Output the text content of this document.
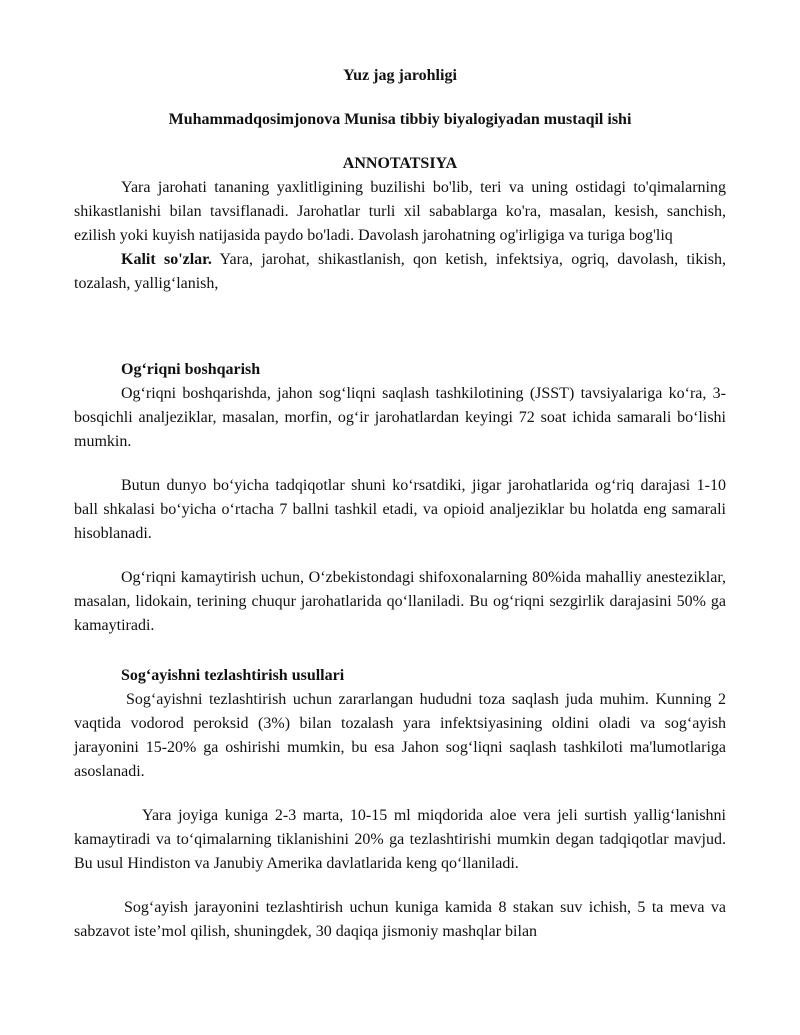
Yuz jag jarohligi
Muhammadqosimjonova Munisa tibbiy biyalogiyadan mustaqil ishi
ANNOTATSIYA

Yara jarohati tananing yaxlitligining buzilishi bo'lib, teri va uning ostidagi to'qimalarning shikastlanishi bilan tavsiflanadi. Jarohatlar turli xil sabablarga ko'ra, masalan, kesish, sanchish, ezilish yoki kuyish natijasida paydo bo'ladi. Davolash jarohatning og'irligiga va turiga bog'liq

Kalit so'zlar. Yara, jarohat, shikastlanish, qon ketish, infektsiya, ogriq, davolash, tikish, tozalash, yallig‘lanish,

Og‘riqni boshqarish

Og‘riqni boshqarishda, jahon sog‘liqni saqlash tashkilotining (JSST) tavsiyalariga ko‘ra, 3-bosqichli analjeziklar, masalan, morfin, og‘ir jarohatlardan keyingi 72 soat ichida samarali bo‘lishi mumkin.

Butun dunyo bo‘yicha tadqiqotlar shuni ko‘rsatdiki, jigar jarohatlarida og‘riq darajasi 1-10 ball shkalasi bo‘yicha o‘rtacha 7 ballni tashkil etadi, va opioid analjeziklar bu holatda eng samarali hisoblanadi.

Og‘riqni kamaytirish uchun, O‘zbekistondagi shifoxonalarning 80%ida mahalliy anesteziklar, masalan, lidokain, terining chuqur jarohatlarida qo‘llaniladi. Bu og‘riqni sezgirlik darajasini 50% ga kamaytiradi.

Sog‘ayishni tezlashtirish usullari

Sog‘ayishni tezlashtirish uchun zararlangan hududni toza saqlash juda muhim. Kunning 2 vaqtida vodorod peroksid (3%) bilan tozalash yara infektsiyasining oldini oladi va sog‘ayish jarayonini 15-20% ga oshirishi mumkin, bu esa Jahon sog‘liqni saqlash tashkiloti ma'lumotlariga asoslanadi.

Yara joyiga kuniga 2-3 marta, 10-15 ml miqdorida aloe vera jeli surtish yallig‘lanishni kamaytiradi va to‘qimalarning tiklanishini 20% ga tezlashtirishi mumkin degan tadqiqotlar mavjud. Bu usul Hindiston va Janubiy Amerika davlatlarida keng qo‘llaniladi.

Sog‘ayish jarayonini tezlashtirish uchun kuniga kamida 8 stakan suv ichish, 5 ta meva va sabzavot iste’mol qilish, shuningdek, 30 daqiqa jismoniy mashqlar bilan
